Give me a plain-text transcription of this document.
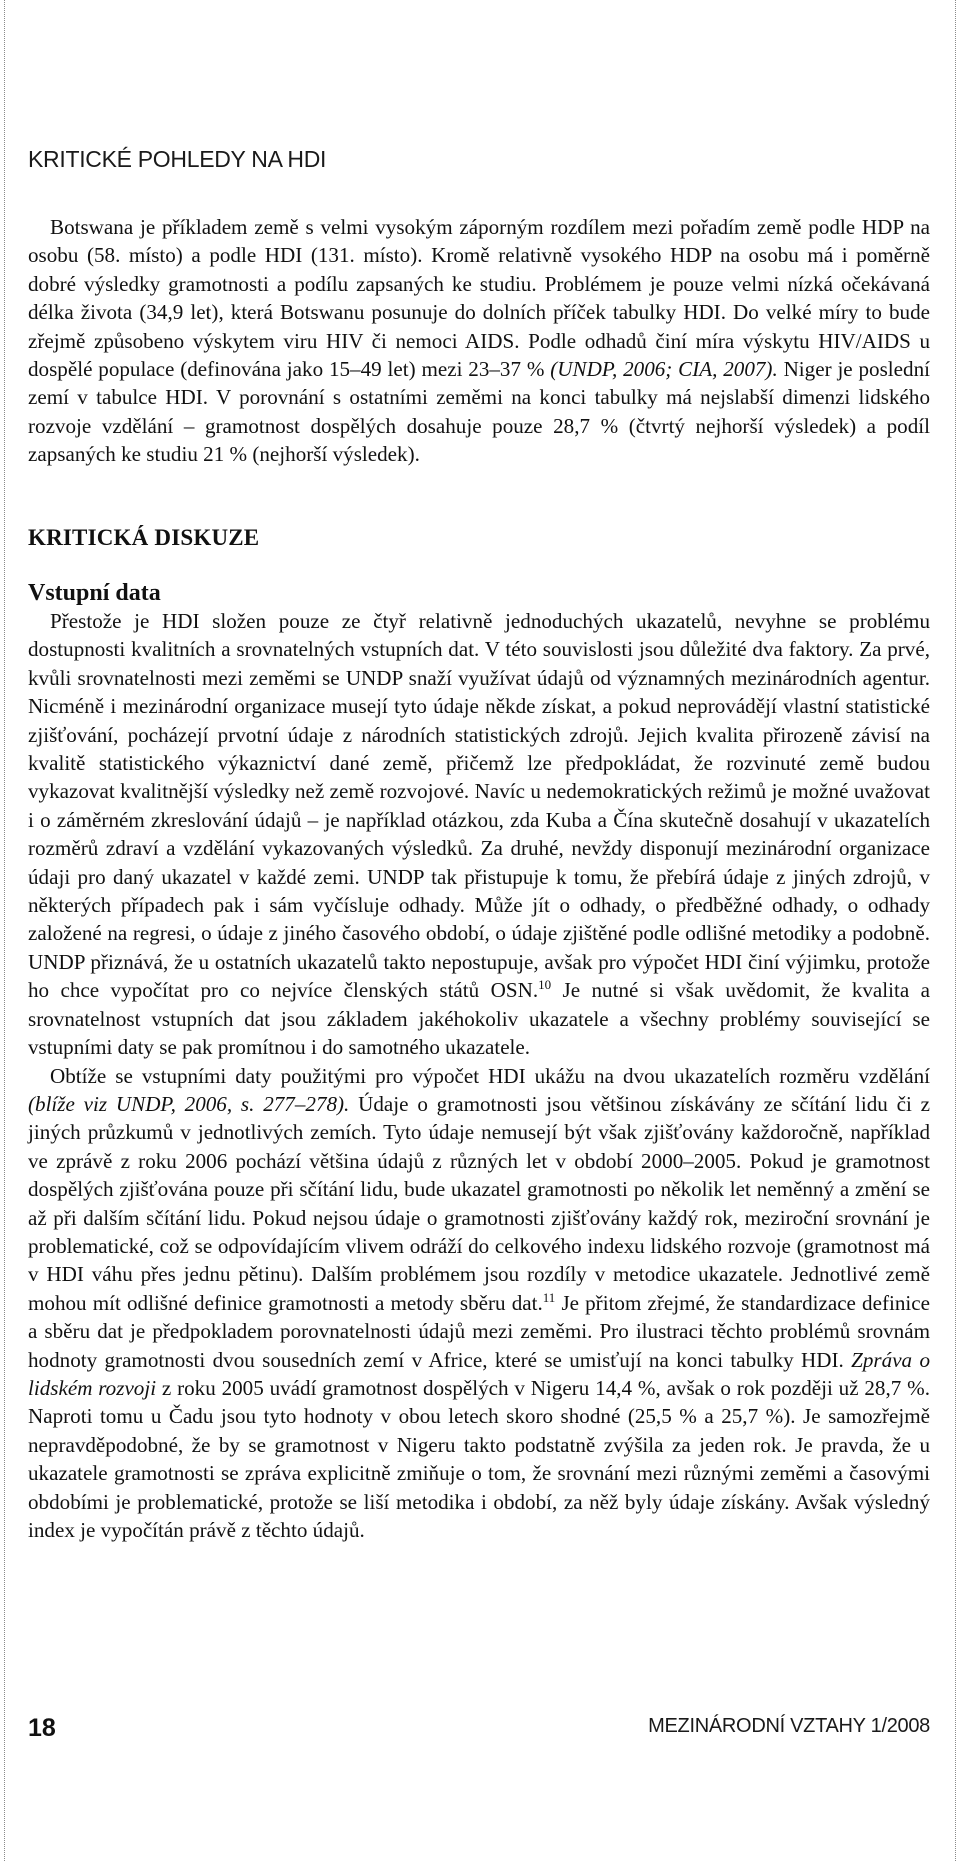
KRITICKÉ POHLEDY NA HDI

Botswana je příkladem země s velmi vysokým záporným rozdílem mezi pořadím země podle HDP na osobu (58. místo) a podle HDI (131. místo). Kromě relativně vysokého HDP na osobu má i poměrně dobré výsledky gramotnosti a podílu zapsaných ke studiu. Problémem je pouze velmi nízká očekávaná délka života (34,9 let), která Botswanu posunuje do dolních příček tabulky HDI. Do velké míry to bude zřejmě způsobeno výskytem viru HIV či nemoci AIDS. Podle odhadů činí míra výskytu HIV/AIDS u dospělé populace (definována jako 15–49 let) mezi 23–37 % (UNDP, 2006; CIA, 2007). Niger je poslední zemí v tabulce HDI. V porovnání s ostatními zeměmi na konci tabulky má nejslabší dimenzi lidského rozvoje vzdělání – gramotnost dospělých dosahuje pouze 28,7 % (čtvrtý nejhorší výsledek) a podíl zapsaných ke studiu 21 % (nejhorší výsledek).

KRITICKÁ DISKUZE
Vstupní data

Přestože je HDI složen pouze ze čtyř relativně jednoduchých ukazatelů, nevyhne se problému dostupnosti kvalitních a srovnatelných vstupních dat. V této souvislosti jsou důležité dva faktory. Za prvé, kvůli srovnatelnosti mezi zeměmi se UNDP snaží využívat údajů od významných mezinárodních agentur. Nicméně i mezinárodní organizace musejí tyto údaje někde získat, a pokud neprovádějí vlastní statistické zjišťování, pocházejí prvotní údaje z národních statistických zdrojů. Jejich kvalita přirozeně závisí na kvalitě statistického výkaznictví dané země, přičemž lze předpokládat, že rozvinuté země budou vykazovat kvalitnější výsledky než země rozvojové. Navíc u nedemokratických režimů je možné uvažovat i o záměrném zkreslování údajů – je například otázkou, zda Kuba a Čína skutečně dosahují v ukazatelích rozměrů zdraví a vzdělání vykazovaných výsledků. Za druhé, nevždy disponují mezinárodní organizace údaji pro daný ukazatel v každé zemi. UNDP tak přistupuje k tomu, že přebírá údaje z jiných zdrojů, v některých případech pak i sám vyčísluje odhady. Může jít o odhady, o předběžné odhady, o odhady založené na regresi, o údaje z jiného časového období, o údaje zjištěné podle odlišné metodiky a podobně. UNDP přiznává, že u ostatních ukazatelů takto nepostupuje, avšak pro výpočet HDI činí výjimku, protože ho chce vypočítat pro co nejvíce členských států OSN.$^{10}$ Je nutné si však uvědomit, že kvalita a srovnatelnost vstupních dat jsou základem jakéhokoliv ukazatele a všechny problémy související se vstupními daty se pak promítnou i do samotného ukazatele.

Obtíže se vstupními daty použitými pro výpočet HDI ukážu na dvou ukazatelích rozměru vzdělání (blíže viz UNDP, 2006, s. 277–278). Údaje o gramotnosti jsou většinou získávány ze sčítání lidu či z jiných průzkumů v jednotlivých zemích. Tyto údaje nemusejí být však zjišťovány každoročně, například ve zprávě z roku 2006 pochází většina údajů z různých let v období 2000–2005. Pokud je gramotnost dospělých zjišťována pouze při sčítání lidu, bude ukazatel gramotnosti po několik let neměnný a změní se až při dalším sčítání lidu. Pokud nejsou údaje o gramotnosti zjišťovány každý rok, meziroční srovnání je problematické, což se odpovídajícím vlivem odráží do celkového indexu lidského rozvoje (gramotnost má v HDI váhu přes jednu pětinu). Dalším problémem jsou rozdíly v metodice ukazatele. Jednotlivé země mohou mít odlišné definice gramotnosti a metody sběru dat.$^{11}$ Je přitom zřejmé, že standardizace definice a sběru dat je předpokladem porovnatelnosti údajů mezi zeměmi. Pro ilustraci těchto problémů srovnám hodnoty gramotnosti dvou sousedních zemí v Africe, které se umisťují na konci tabulky HDI. Zpráva o lidském rozvoji z roku 2005 uvádí gramotnost dospělých v Nigeru 14,4 %, avšak o rok později už 28,7 %. Naproti tomu u Čadu jsou tyto hodnoty v obou letech skoro shodné (25,5 % a 25,7 %). Je samozřejmě nepravděpodobné, že by se gramotnost v Nigeru takto podstatně zvýšila za jeden rok. Je pravda, že u ukazatele gramotnosti se zpráva explicitně zmiňuje o tom, že srovnání mezi různými zeměmi a časovými obdobími je problematické, protože se liší metodika i období, za něž byly údaje získány. Avšak výsledný index je vypočítán právě z těchto údajů.

18	MEZINÁRODNÍ VZTAHY 1/2008
